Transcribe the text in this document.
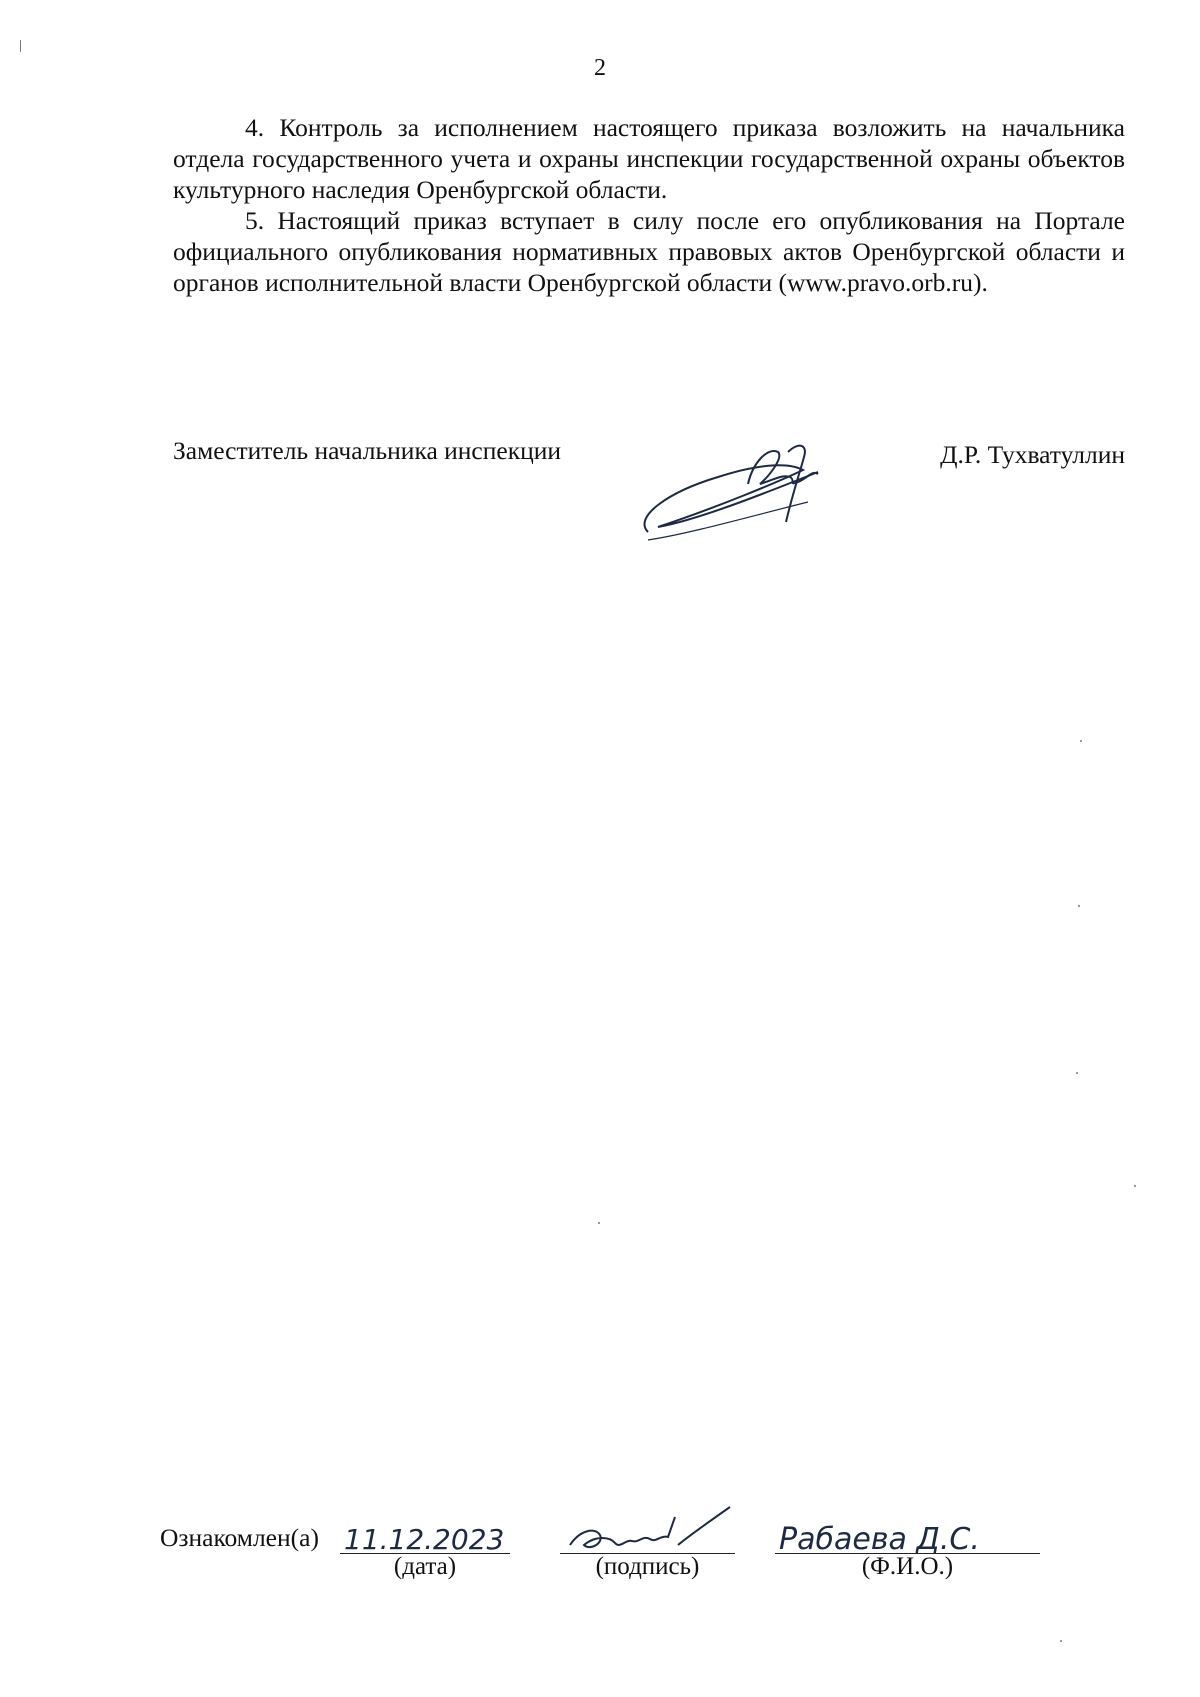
2

4. Контроль за исполнением настоящего приказа возложить на начальника отдела государственного учета и охраны инспекции государственной охраны объектов культурного наследия Оренбургской области.

5. Настоящий приказ вступает в силу после его опубликования на Портале официального опубликования нормативных правовых актов Оренбургской области и органов исполнительной власти Оренбургской области (www.pravo.orb.ru).

Заместитель начальника инспекции	Д.Р. Тухватуллин
Ознакомлен(а) 11.12.2023
(дата)	(подпись)
Рабаева Д.С.
(Ф.И.О.)
